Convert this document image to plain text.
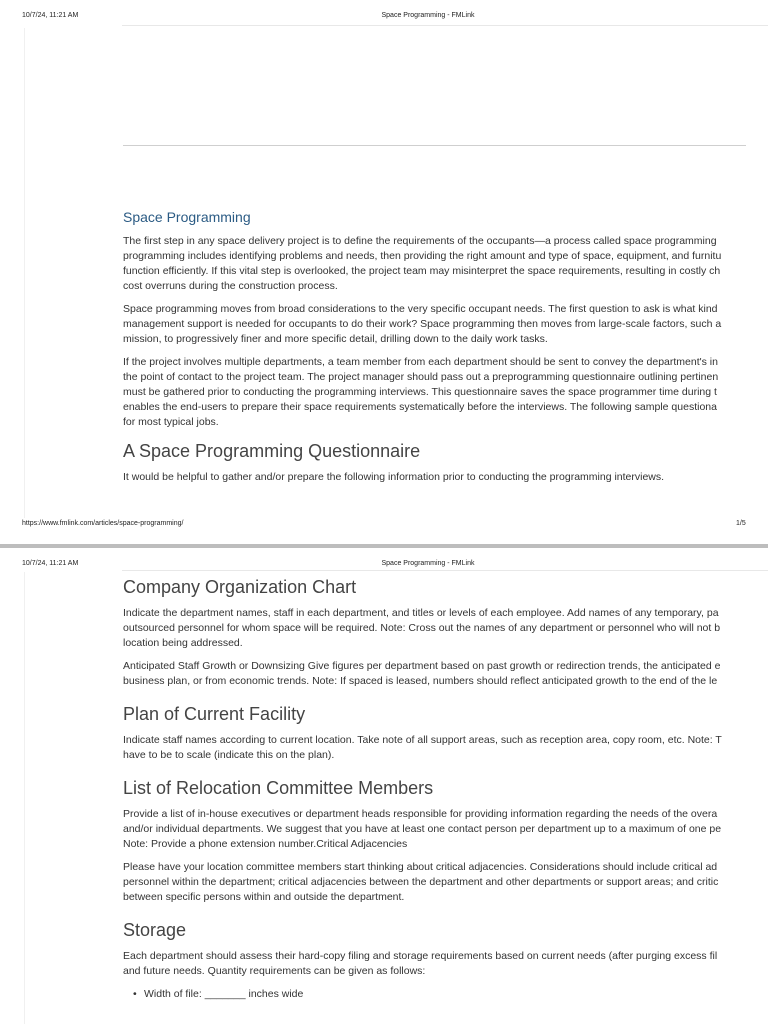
10/7/24, 11:21 AM	Space Programming - FMLink

Space Programming

The first step in any space delivery project is to define the requirements of the occupants—a process called space programming

programming includes identifying problems and needs, then providing the right amount and type of space, equipment, and furnitu

function efficiently. If this vital step is overlooked, the project team may misinterpret the space requirements, resulting in costly ch

cost overruns during the construction process.

Space programming moves from broad considerations to the very specific occupant needs. The first question to ask is what kind

management support is needed for occupants to do their work? Space programming then moves from large-scale factors, such a

mission, to progressively finer and more specific detail, drilling down to the daily work tasks.

If the project involves multiple departments, a team member from each department should be sent to convey the department's in

the point of contact to the project team. The project manager should pass out a preprogramming questionnaire outlining pertinen

must be gathered prior to conducting the programming interviews. This questionnaire saves the space programmer time during t

enables the end-users to prepare their space requirements systematically before the interviews. The following sample questiona

for most typical jobs.

A Space Programming Questionnaire

It would be helpful to gather and/or prepare the following information prior to conducting the programming interviews.

https://www.fmlink.com/articles/space-programming/	1/5

10/7/24, 11:21 AM	Space Programming - FMLink

Company Organization Chart

Indicate the department names, staff in each department, and titles or levels of each employee. Add names of any temporary, pa

outsourced personnel for whom space will be required. Note: Cross out the names of any department or personnel who will not b

location being addressed.

Anticipated Staff Growth or Downsizing Give figures per department based on past growth or redirection trends, the anticipated e

business plan, or from economic trends. Note: If spaced is leased, numbers should reflect anticipated growth to the end of the le

Plan of Current Facility

Indicate staff names according to current location. Take note of all support areas, such as reception area, copy room, etc. Note: T

have to be to scale (indicate this on the plan).

List of Relocation Committee Members

Provide a list of in-house executives or department heads responsible for providing information regarding the needs of the overa

and/or individual departments. We suggest that you have at least one contact person per department up to a maximum of one pe

Note: Provide a phone extension number.Critical Adjacencies

Please have your location committee members start thinking about critical adjacencies. Considerations should include critical ad

personnel within the department; critical adjacencies between the department and other departments or support areas; and critic

between specific persons within and outside the department.

Storage

Each department should assess their hard-copy filing and storage requirements based on current needs (after purging excess fil

and future needs. Quantity requirements can be given as follows:

• Width of file: _______ inches wide
